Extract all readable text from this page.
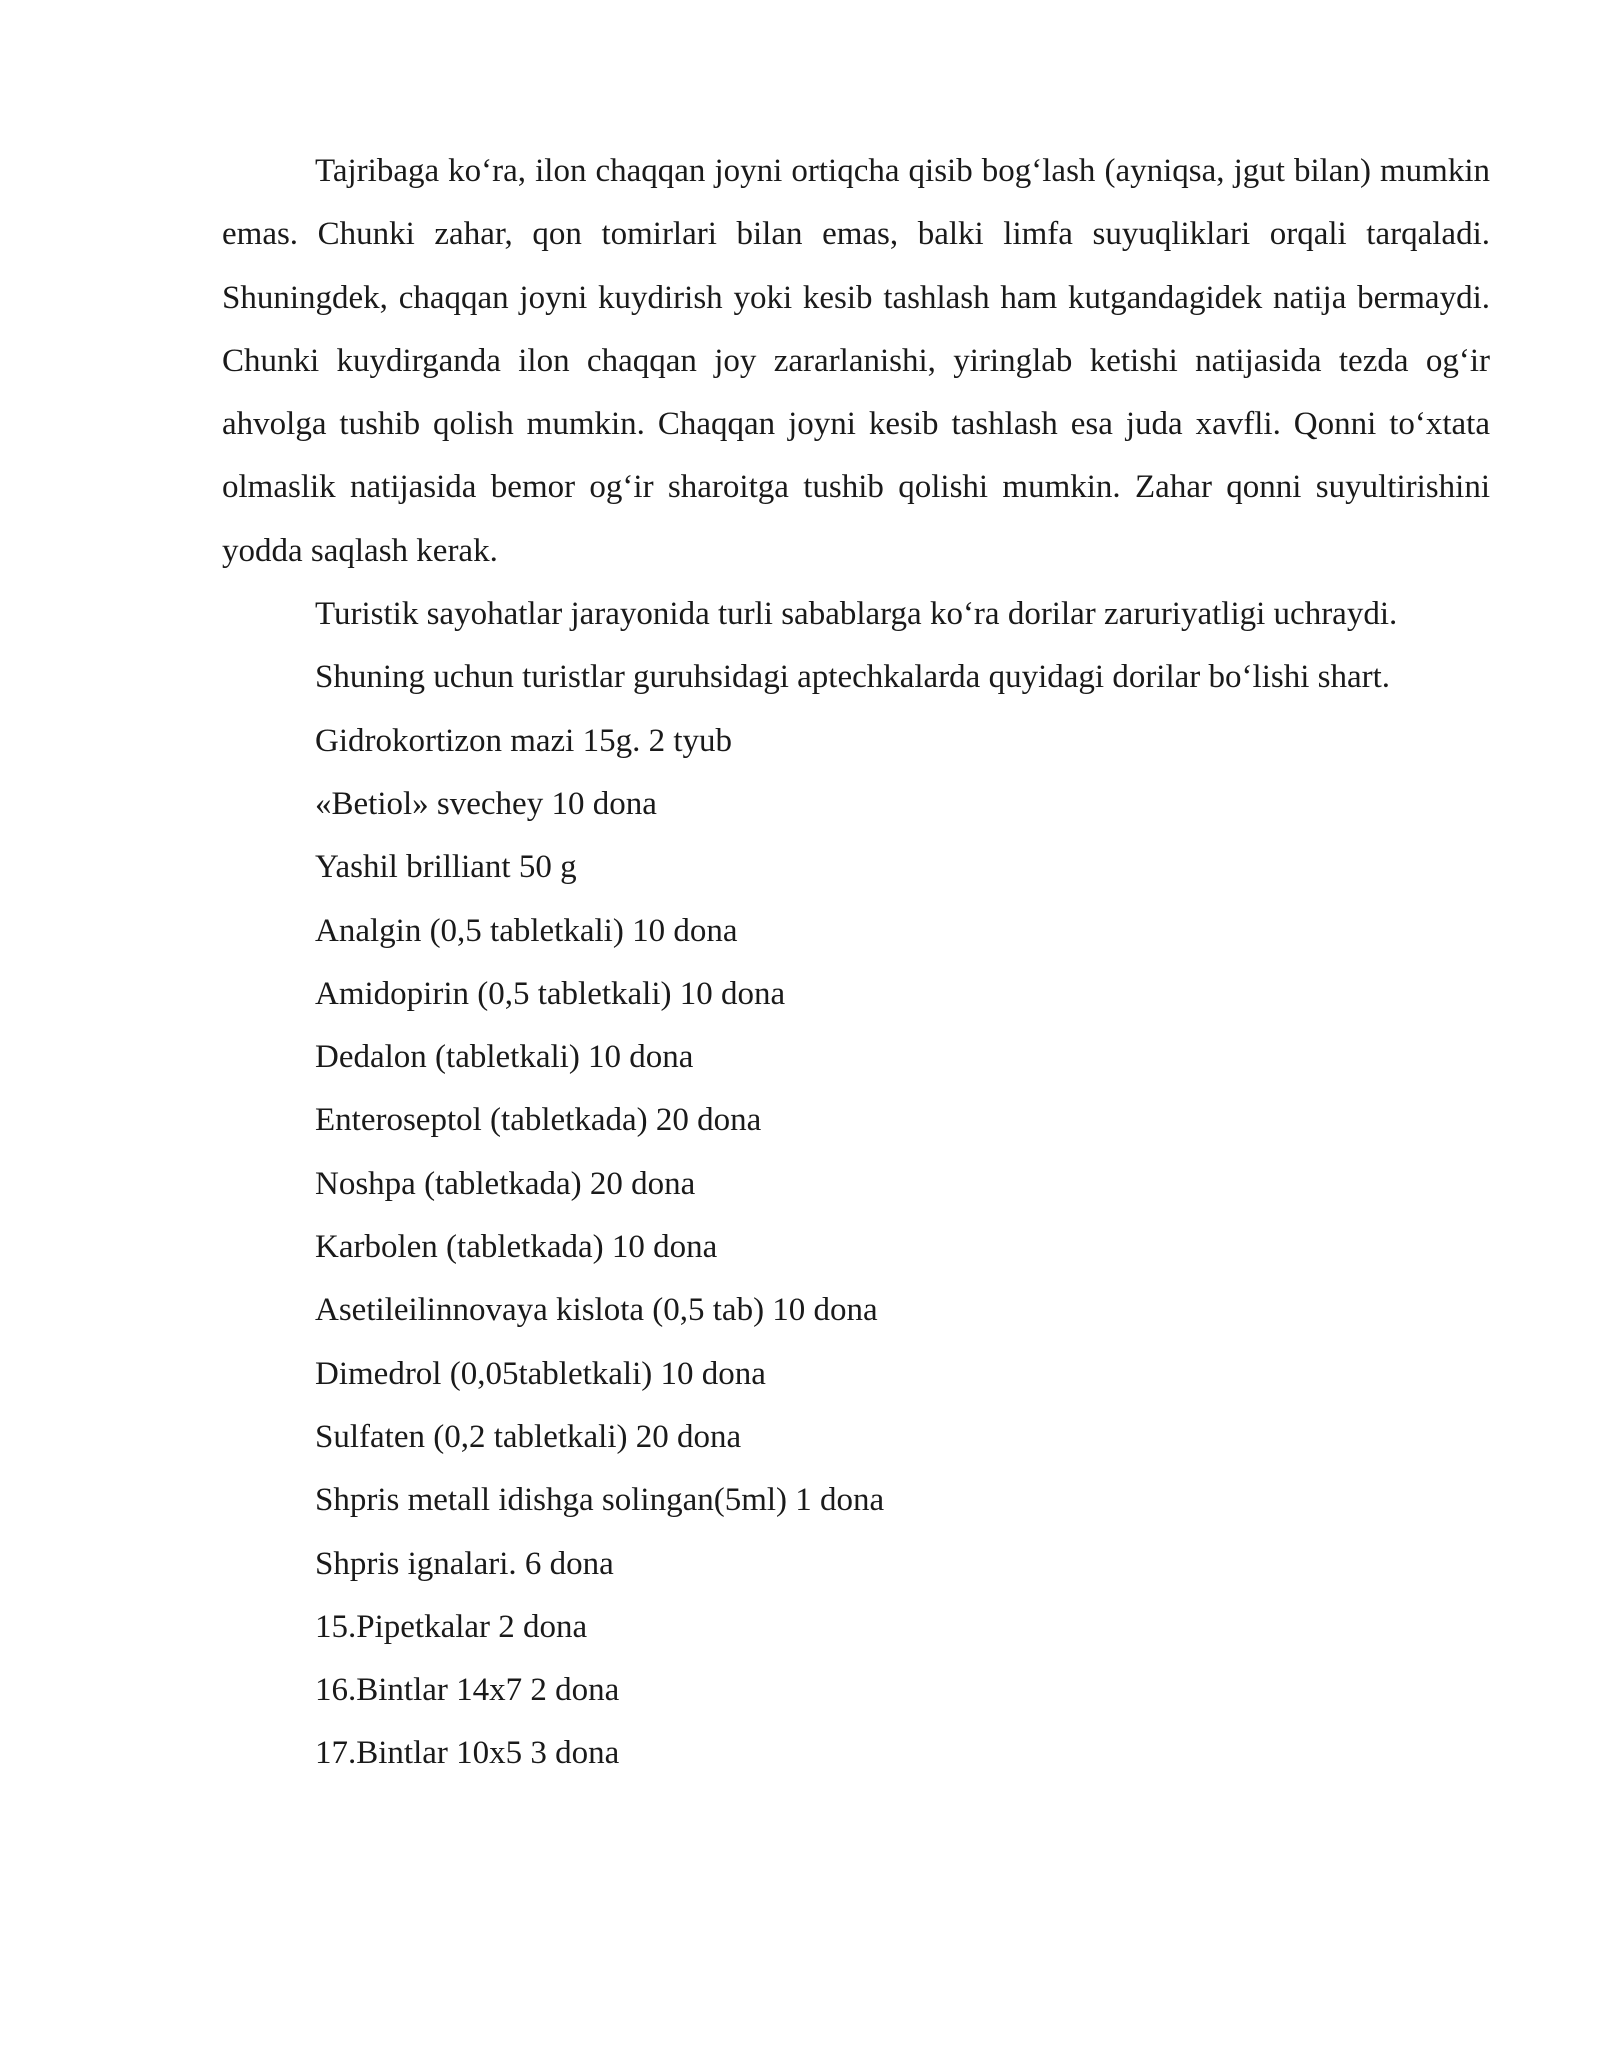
Tajribaga ko‘ra, ilon chaqqan joyni ortiqcha qisib bog‘lash (ayniqsa, jgut bilan) mumkin emas. Chunki zahar, qon tomirlari bilan emas, balki limfa suyuqliklari orqali tarqaladi. Shuningdek, chaqqan joyni kuydirish yoki kesib tashlash ham kutgandagidek natija bermaydi. Chunki kuydirganda ilon chaqqan joy zararlanishi, yiringlab ketishi natijasida tezda og‘ir ahvolga tushib qolish mumkin. Chaqqan joyni kesib tashlash esa juda xavfli. Qonni to‘xtata olmaslik natijasida bemor og‘ir sharoitga tushib qolishi mumkin. Zahar qonni suyultirishini yodda saqlash kerak.

Turistik sayohatlar jarayonida turli sabablarga ko‘ra dorilar zaruriyatligi uchraydi.

Shuning uchun turistlar guruhsidagi aptechkalarda quyidagi dorilar bo‘lishi shart.

Gidrokortizon mazi 15g. 2 tyub
«Betiol» svechey 10 dona
Yashil brilliant 50 g
Analgin (0,5 tabletkali) 10 dona
Amidopirin (0,5 tabletkali) 10 dona
Dedalon (tabletkali) 10 dona
Enteroseptol (tabletkada) 20 dona
Noshpa (tabletkada) 20 dona
Karbolen (tabletkada) 10 dona
Asetileilinnovaya kislota (0,5 tab) 10 dona
Dimedrol (0,05tabletkali) 10 dona
Sulfaten (0,2 tabletkali) 20 dona
Shpris metall idishga solingan(5ml) 1 dona
Shpris ignalari. 6 dona
15.Pipetkalar 2 dona
16.Bintlar 14x7 2 dona
17.Bintlar 10x5 3 dona
